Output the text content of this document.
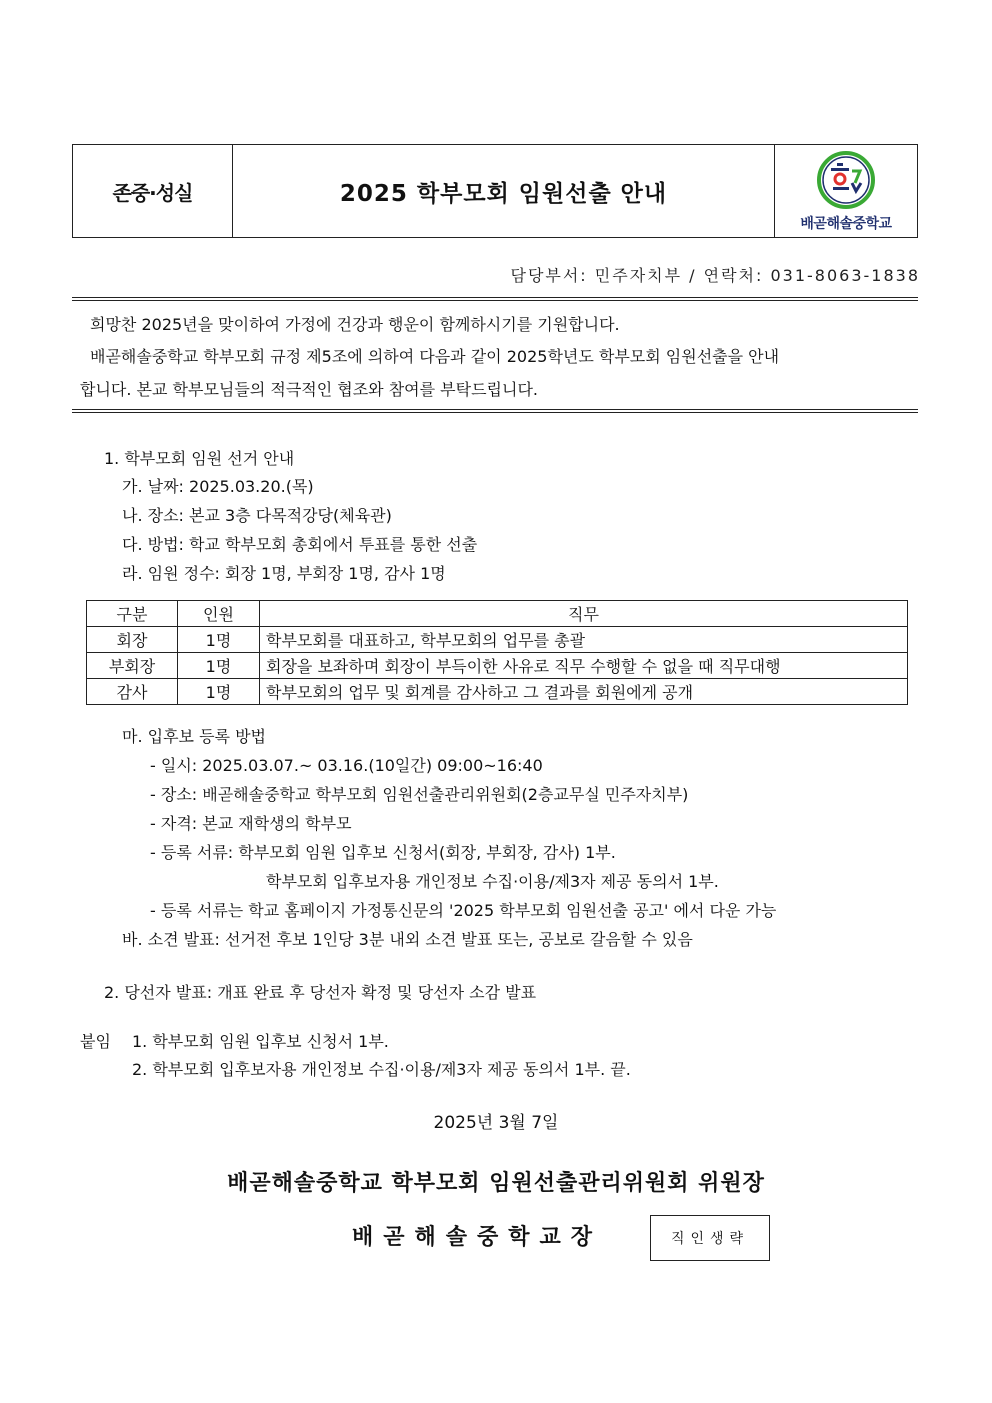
존중·성실	2025 학부모회 임원선출 안내
배곧해솔중학교
담당부서: 민주자치부 / 연락처: 031-8063-1838
희망찬 2025년을 맞이하여 가정에 건강과 행운이 함께하시기를 기원합니다.
배곧해솔중학교 학부모회 규정 제5조에 의하여 다음과 같이 2025학년도 학부모회 임원선출을 안내
합니다. 본교 학부모님들의 적극적인 협조와 참여를 부탁드립니다.
1. 학부모회 임원 선거 안내
가. 날짜: 2025.03.20.(목)
나. 장소: 본교 3층 다목적강당(체육관)
다. 방법: 학교 학부모회 총회에서 투표를 통한 선출
라. 임원 정수: 회장 1명, 부회장 1명, 감사 1명
구분	인원	직무
회장	1명	학부모회를 대표하고, 학부모회의 업무를 총괄
부회장	1명	회장을 보좌하며 회장이 부득이한 사유로 직무 수행할 수 없을 때 직무대행
감사	1명	학부모회의 업무 및 회계를 감사하고 그 결과를 회원에게 공개
마. 입후보 등록 방법
- 일시: 2025.03.07.~ 03.16.(10일간) 09:00~16:40
- 장소: 배곧해솔중학교 학부모회 임원선출관리위원회(2층교무실 민주자치부)
- 자격: 본교 재학생의 학부모
- 등록 서류: 학부모회 임원 입후보 신청서(회장, 부회장, 감사) 1부.
학부모회 입후보자용 개인정보 수집·이용/제3자 제공 동의서 1부.
- 등록 서류는 학교 홈페이지 가정통신문의 '2025 학부모회 임원선출 공고' 에서 다운 가능
바. 소견 발표: 선거전 후보 1인당 3분 내외 소견 발표 또는, 공보로 갈음할 수 있음
2. 당선자 발표: 개표 완료 후 당선자 확정 및 당선자 소감 발표
붙임 1. 학부모회 임원 입후보 신청서 1부.
2. 학부모회 입후보자용 개인정보 수집·이용/제3자 제공 동의서 1부. 끝.
2025년 3월 7일
배곧해솔중학교 학부모회 임원선출관리위원회 위원장
배곧해솔중학교장	직인생략
